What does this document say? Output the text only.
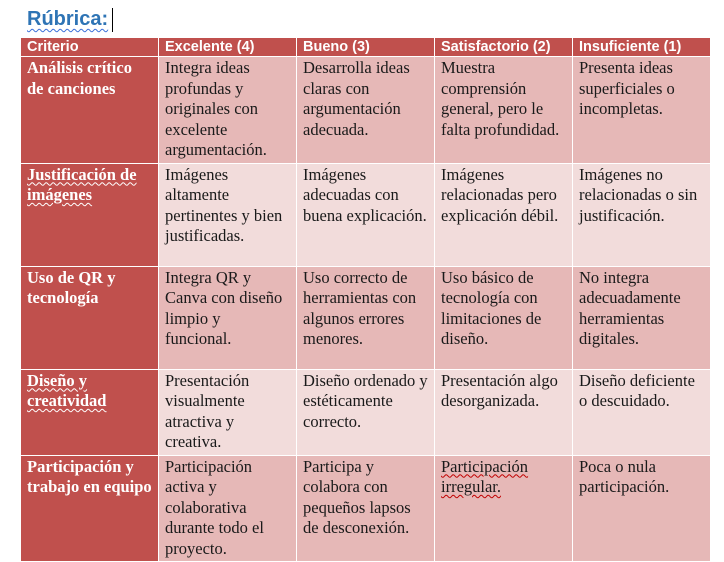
Rúbrica:
Criterio	Excelente (4)	Bueno (3)	Satisfactorio (2)	Insuficiente (1)
Análisis crítico de canciones	Integra ideas profundas y originales con excelente argumentación.	Desarrolla ideas claras con argumentación adecuada.	Muestra comprensión general, pero le falta profundidad.	Presenta ideas superficiales o incompletas.
Justificación de imágenes	Imágenes altamente pertinentes y bien justificadas.	Imágenes adecuadas con buena explicación.	Imágenes relacionadas pero explicación débil.	Imágenes no relacionadas o sin justificación.
Uso de QR y tecnología	Integra QR y Canva con diseño limpio y funcional.	Uso correcto de herramientas con algunos errores menores.	Uso básico de tecnología con limitaciones de diseño.	No integra adecuadamente herramientas digitales.
Diseño y creatividad	Presentación visualmente atractiva y creativa.	Diseño ordenado y estéticamente correcto.	Presentación algo desorganizada.	Diseño deficiente o descuidado.
Participación y trabajo en equipo	Participación activa y colaborativa durante todo el proyecto.	Participa y colabora con pequeños lapsos de desconexión.	Participación irregular.	Poca o nula participación.
